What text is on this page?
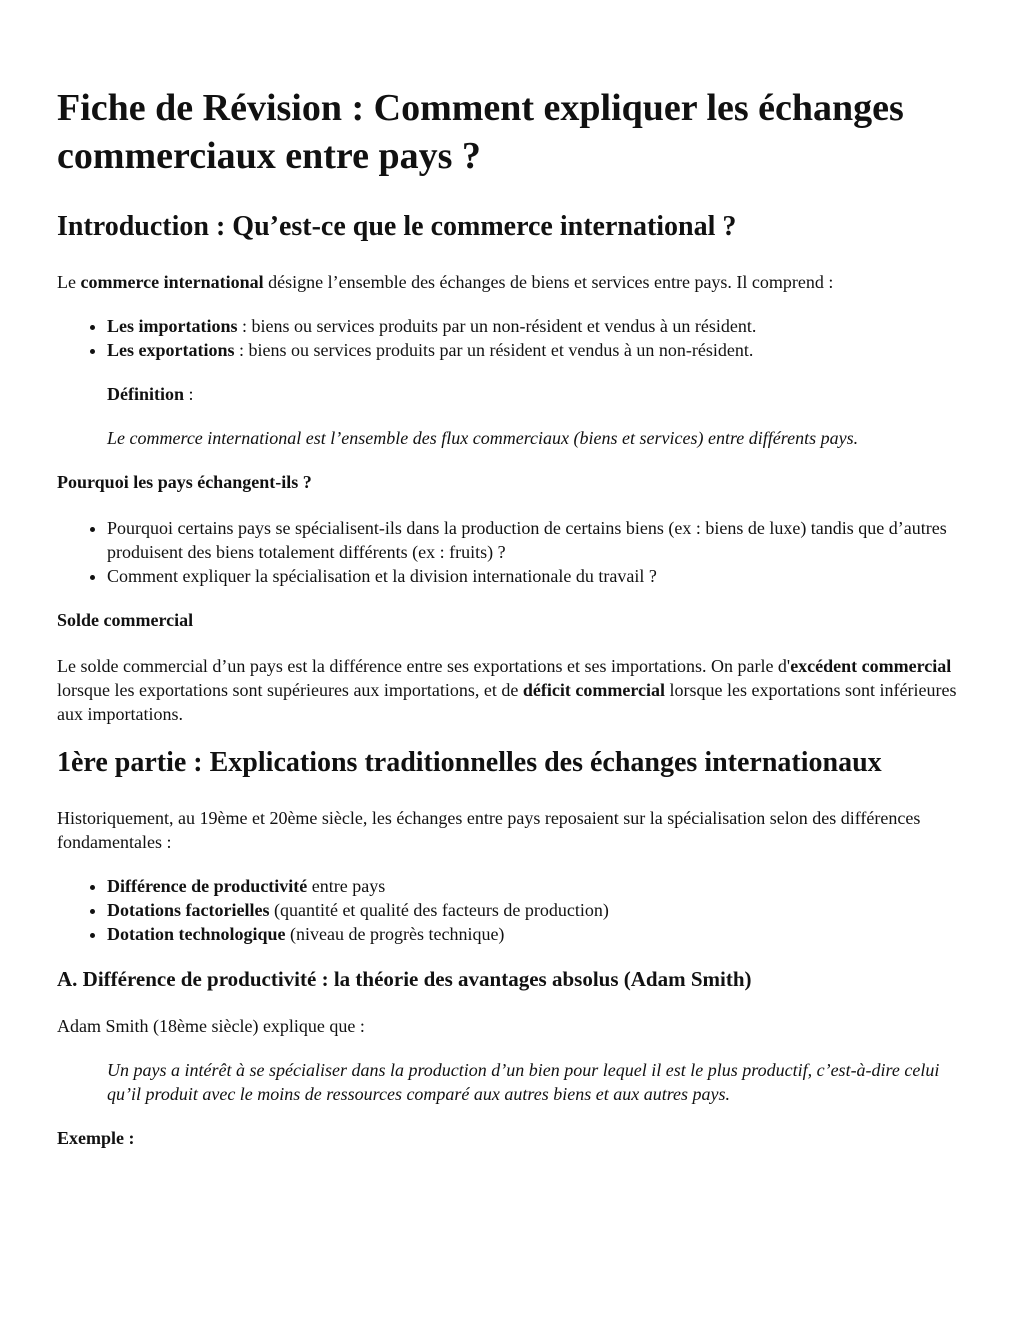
Fiche de Révision : Comment expliquer les échanges commerciaux entre pays ?
Introduction : Qu’est-ce que le commerce international ?

Le commerce international désigne l’ensemble des échanges de biens et services entre pays. Il comprend :

• Les importations : biens ou services produits par un non-résident et vendus à un résident.
• Les exportations : biens ou services produits par un résident et vendus à un non-résident.

Définition :

Le commerce international est l’ensemble des flux commerciaux (biens et services) entre différents pays.

Pourquoi les pays échangent-ils ?
• Pourquoi certains pays se spécialisent-ils dans la production de certains biens (ex : biens de luxe) tandis que d’autres produisent des biens totalement différents (ex : fruits) ?
• Comment expliquer la spécialisation et la division internationale du travail ?
Solde commercial

Le solde commercial d’un pays est la différence entre ses exportations et ses importations. On parle d'excédent commercial lorsque les exportations sont supérieures aux importations, et de déficit commercial lorsque les exportations sont inférieures aux importations.

1ère partie : Explications traditionnelles des échanges internationaux

Historiquement, au 19ème et 20ème siècle, les échanges entre pays reposaient sur la spécialisation selon des différences fondamentales :

• Différence de productivité entre pays
• Dotations factorielles (quantité et qualité des facteurs de production)
• Dotation technologique (niveau de progrès technique)
A. Différence de productivité : la théorie des avantages absolus (Adam Smith)

Adam Smith (18ème siècle) explique que :

Un pays a intérêt à se spécialiser dans la production d’un bien pour lequel il est le plus productif, c’est-à-dire celui qu’il produit avec le moins de ressources comparé aux autres biens et aux autres pays.

Exemple :
